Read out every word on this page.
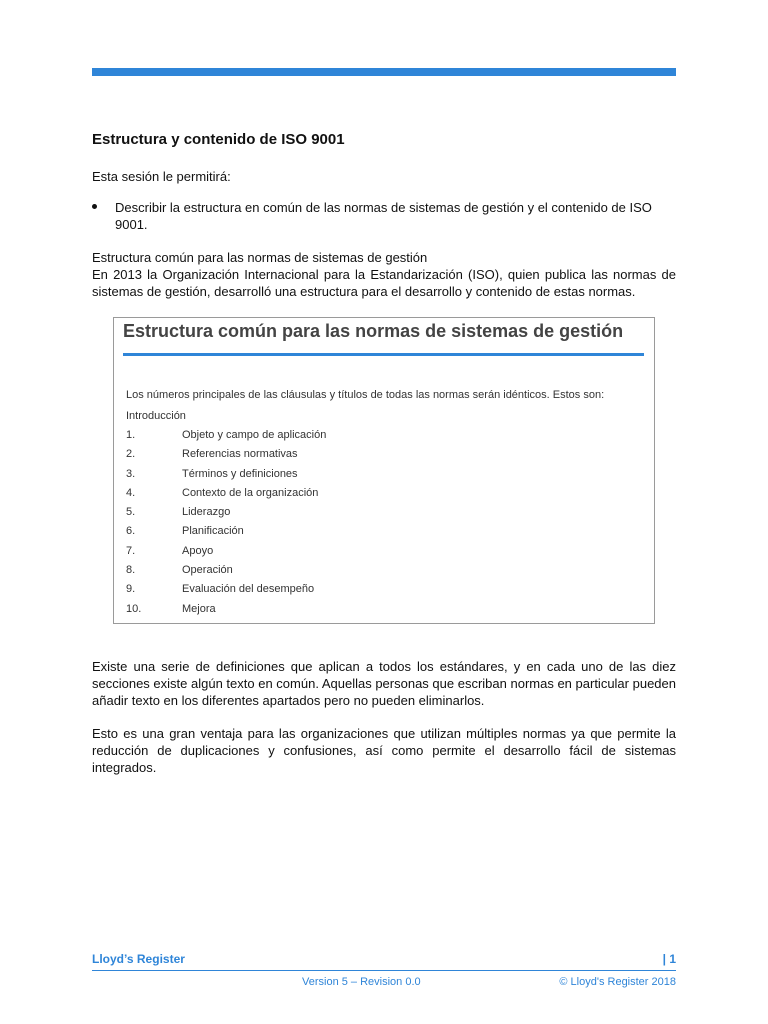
Estructura y contenido de ISO 9001

Esta sesión le permitirá:

Describir la estructura en común de las normas de sistemas de gestión y el contenido de ISO 9001.

Estructura común para las normas de sistemas de gestión

En 2013 la Organización Internacional para la Estandarización (ISO), quien publica las normas de sistemas de gestión, desarrolló una estructura para el desarrollo y contenido de estas normas.

Estructura común para las normas de sistemas de gestión
Los números principales de las cláusulas y títulos de todas las normas serán idénticos. Estos son:
Introducción
1.	Objeto y campo de aplicación
2.	Referencias normativas
3.	Términos y definiciones
4.	Contexto de la organización
5.	Liderazgo
6.	Planificación
7.	Apoyo
8.	Operación
9.	Evaluación del desempeño
10.	Mejora

Existe una serie de definiciones que aplican a todos los estándares, y en cada uno de las diez secciones existe algún texto en común. Aquellas personas que escriban normas en particular pueden añadir texto en los diferentes apartados pero no pueden eliminarlos.

Esto es una gran ventaja para las organizaciones que utilizan múltiples normas ya que permite la reducción de duplicaciones y confusiones, así como permite el desarrollo fácil de sistemas integrados.

Lloyd’s Register	| 1
Version 5 – Revision 0.0	© Lloyd's Register 2018
